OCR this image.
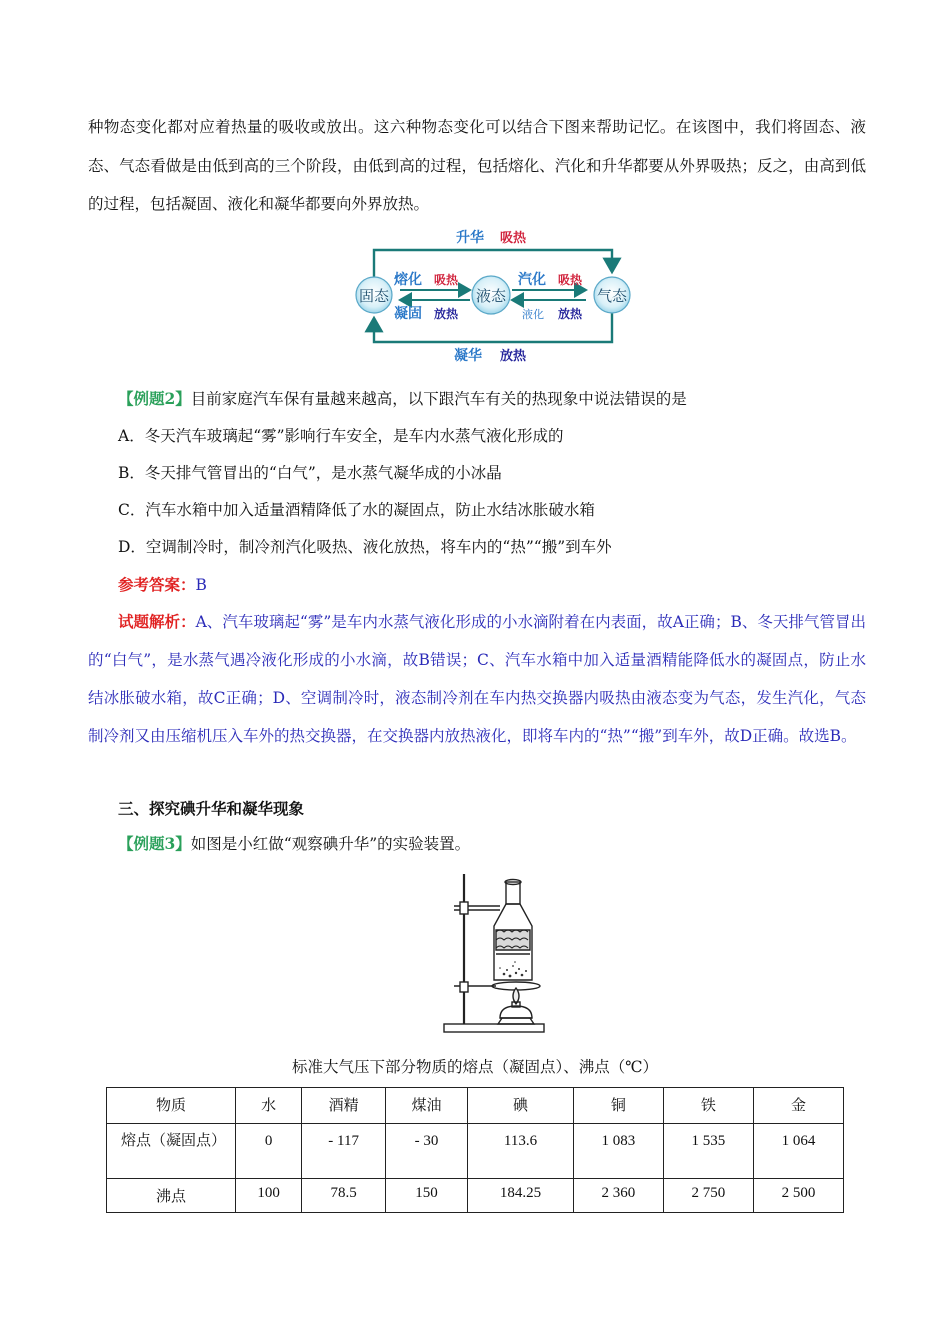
种物态变化都对应着热量的吸收或放出。这六种物态变化可以结合下图来帮助记忆。在该图中，我们将固态、液态、气态看做是由低到高的三个阶段，由低到高的过程，包括熔化、汽化和升华都要从外界吸热；反之，由高到低的过程，包括凝固、液化和凝华都要向外界放热。
固态	液态	气态
升华 吸热
凝华 放热
熔化 吸热
凝固 放热
汽化 吸热
液化 放热
【例题2】目前家庭汽车保有量越来越高，以下跟汽车有关的热现象中说法错误的是
A．冬天汽车玻璃起“雾”影响行车安全，是车内水蒸气液化形成的
B．冬天排气管冒出的“白气”，是水蒸气凝华成的小冰晶
C．汽车水箱中加入适量酒精降低了水的凝固点，防止水结冰胀破水箱
D．空调制冷时，制冷剂汽化吸热、液化放热，将车内的“热”“搬”到车外
参考答案：B
试题解析：A、汽车玻璃起“雾”是车内水蒸气液化形成的小水滴附着在内表面，故A正确；B、冬天排气管冒出的“白气”，是水蒸气遇冷液化形成的小水滴，故B错误；C、汽车水箱中加入适量酒精能降低水的凝固点，防止水结冰胀破水箱，故C正确；D、空调制冷时，液态制冷剂在车内热交换器内吸热由液态变为气态，发生汽化，气态制冷剂又由压缩机压入车外的热交换器，在交换器内放热液化，即将车内的“热”“搬”到车外，故D正确。故选B。
三、探究碘升华和凝华现象
【例题3】如图是小红做“观察碘升华”的实验装置。
标准大气压下部分物质的熔点（凝固点）、沸点（℃）
物质	水	酒精	煤油	碘	铜	铁	金
熔点（凝固点）	0	- 117	- 30	113.6	1 083	1 535	1 064
沸点	100	78.5	150	184.25	2 360	2 750	2 500
